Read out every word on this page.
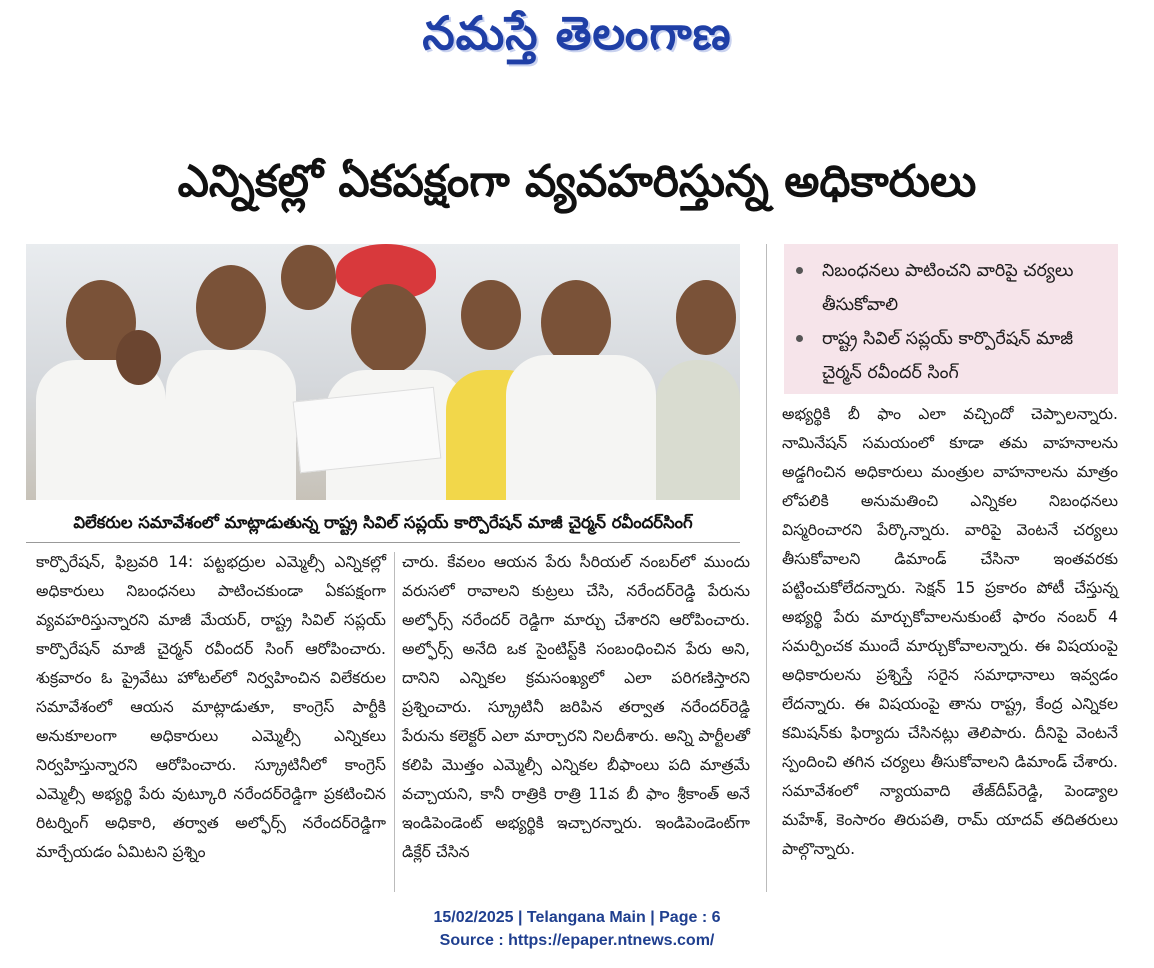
నమస్తే తెలంగాణ
ఎన్నికల్లో ఏకపక్షంగా వ్యవహరిస్తున్న అధికారులు
విలేకరుల సమావేశంలో మాట్లాడుతున్న రాష్ట్ర సివిల్ సప్లయ్ కార్పొరేషన్ మాజీ చైర్మన్ రవీందర్‌సింగ్
నిబంధనలు పాటించని వారిపై చర్యలు తీసుకోవాలి
రాష్ట్ర సివిల్ సప్లయ్ కార్పొరేషన్ మాజీ చైర్మన్ రవీందర్ సింగ్

కార్పొరేషన్, ఫిబ్రవరి 14: పట్టభద్రుల ఎమ్మెల్సీ ఎన్నికల్లో అధికారులు నిబంధనలు పాటించకుండా ఏకపక్షంగా వ్యవహరిస్తున్నారని మాజీ మేయర్, రాష్ట్ర సివిల్ సప్లయ్ కార్పొరేషన్ మాజీ చైర్మన్ రవీందర్ సింగ్ ఆరోపించారు. శుక్రవారం ఓ ప్రైవేటు హోటల్‌లో నిర్వహించిన విలేకరుల సమావేశంలో ఆయన మాట్లాడుతూ, కాంగ్రెస్ పార్టీకి అనుకూలంగా అధికారులు ఎమ్మెల్సీ ఎన్నికలు నిర్వహిస్తున్నారని ఆరోపించారు. స్క్రూటినీలో కాంగ్రెస్ ఎమ్మెల్సీ అభ్యర్థి పేరు వుట్కూరి నరేందర్‌రెడ్డిగా ప్రకటించిన రిటర్నింగ్ అధికారి, తర్వాత అల్ఫోర్స్ నరేందర్‌రెడ్డిగా మార్చేయడం ఏమిటని ప్రశ్నిం

చారు. కేవలం ఆయన పేరు సీరియల్ నంబర్‌లో ముందు వరుసలో రావాలని కుట్రలు చేసి, నరేందర్‌రెడ్డి పేరును అల్ఫోర్స్ నరేందర్ రెడ్డిగా మార్చు చేశారని ఆరోపించారు. అల్ఫోర్స్ అనేది ఒక సైంటిస్ట్‌కి సంబంధించిన పేరు అని, దానిని ఎన్నికల క్రమసంఖ్యలో ఎలా పరిగణిస్తారని ప్రశ్నించారు. స్క్రూటినీ జరిపిన తర్వాత నరేందర్‌రెడ్డి పేరును కలెక్టర్ ఎలా మార్చారని నిలదీశారు. అన్ని పార్టీలతో కలిపి మొత్తం ఎమ్మెల్సీ ఎన్నికల బీఫాంలు పది మాత్రమే వచ్చాయని, కానీ రాత్రికి రాత్రి 11వ బీ ఫాం శ్రీకాంత్ అనే ఇండిపెండెంట్ అభ్యర్థికి ఇచ్చారన్నారు. ఇండిపెండెంట్‌గా డిక్లేర్ చేసిన

అభ్యర్థికి బీ ఫాం ఎలా వచ్చిందో చెప్పాలన్నారు. నామినేషన్ సమయంలో కూడా తమ వాహనాలను అడ్డగించిన అధికారులు మంత్రుల వాహనాలను మాత్రం లోపలికి అనుమతించి ఎన్నికల నిబంధనలు విస్మరించారని పేర్కొన్నారు. వారిపై వెంటనే చర్యలు తీసుకోవాలని డిమాండ్ చేసినా ఇంతవరకు పట్టించుకోలేదన్నారు. సెక్షన్ 15 ప్రకారం పోటీ చేస్తున్న అభ్యర్థి పేరు మార్చుకోవాలనుకుంటే ఫారం నంబర్ 4 సమర్పించక ముందే మార్చుకోవాలన్నారు. ఈ విషయంపై అధికారులను ప్రశ్నిస్తే సరైన సమాధానాలు ఇవ్వడం లేదన్నారు. ఈ విషయంపై తాను రాష్ట్ర, కేంద్ర ఎన్నికల కమిషన్‌కు ఫిర్యాదు చేసినట్లు తెలిపారు. దీనిపై వెంటనే స్పందించి తగిన చర్యలు తీసుకోవాలని డిమాండ్ చేశారు. సమావేశంలో న్యాయవాది తేజ్‌దీప్‌రెడ్డి, పెండ్యాల మహేశ్, కెంసారం తిరుపతి, రామ్ యాదవ్ తదితరులు పాల్గొన్నారు.

15/02/2025 | Telangana Main | Page : 6
Source : https://epaper.ntnews.com/
